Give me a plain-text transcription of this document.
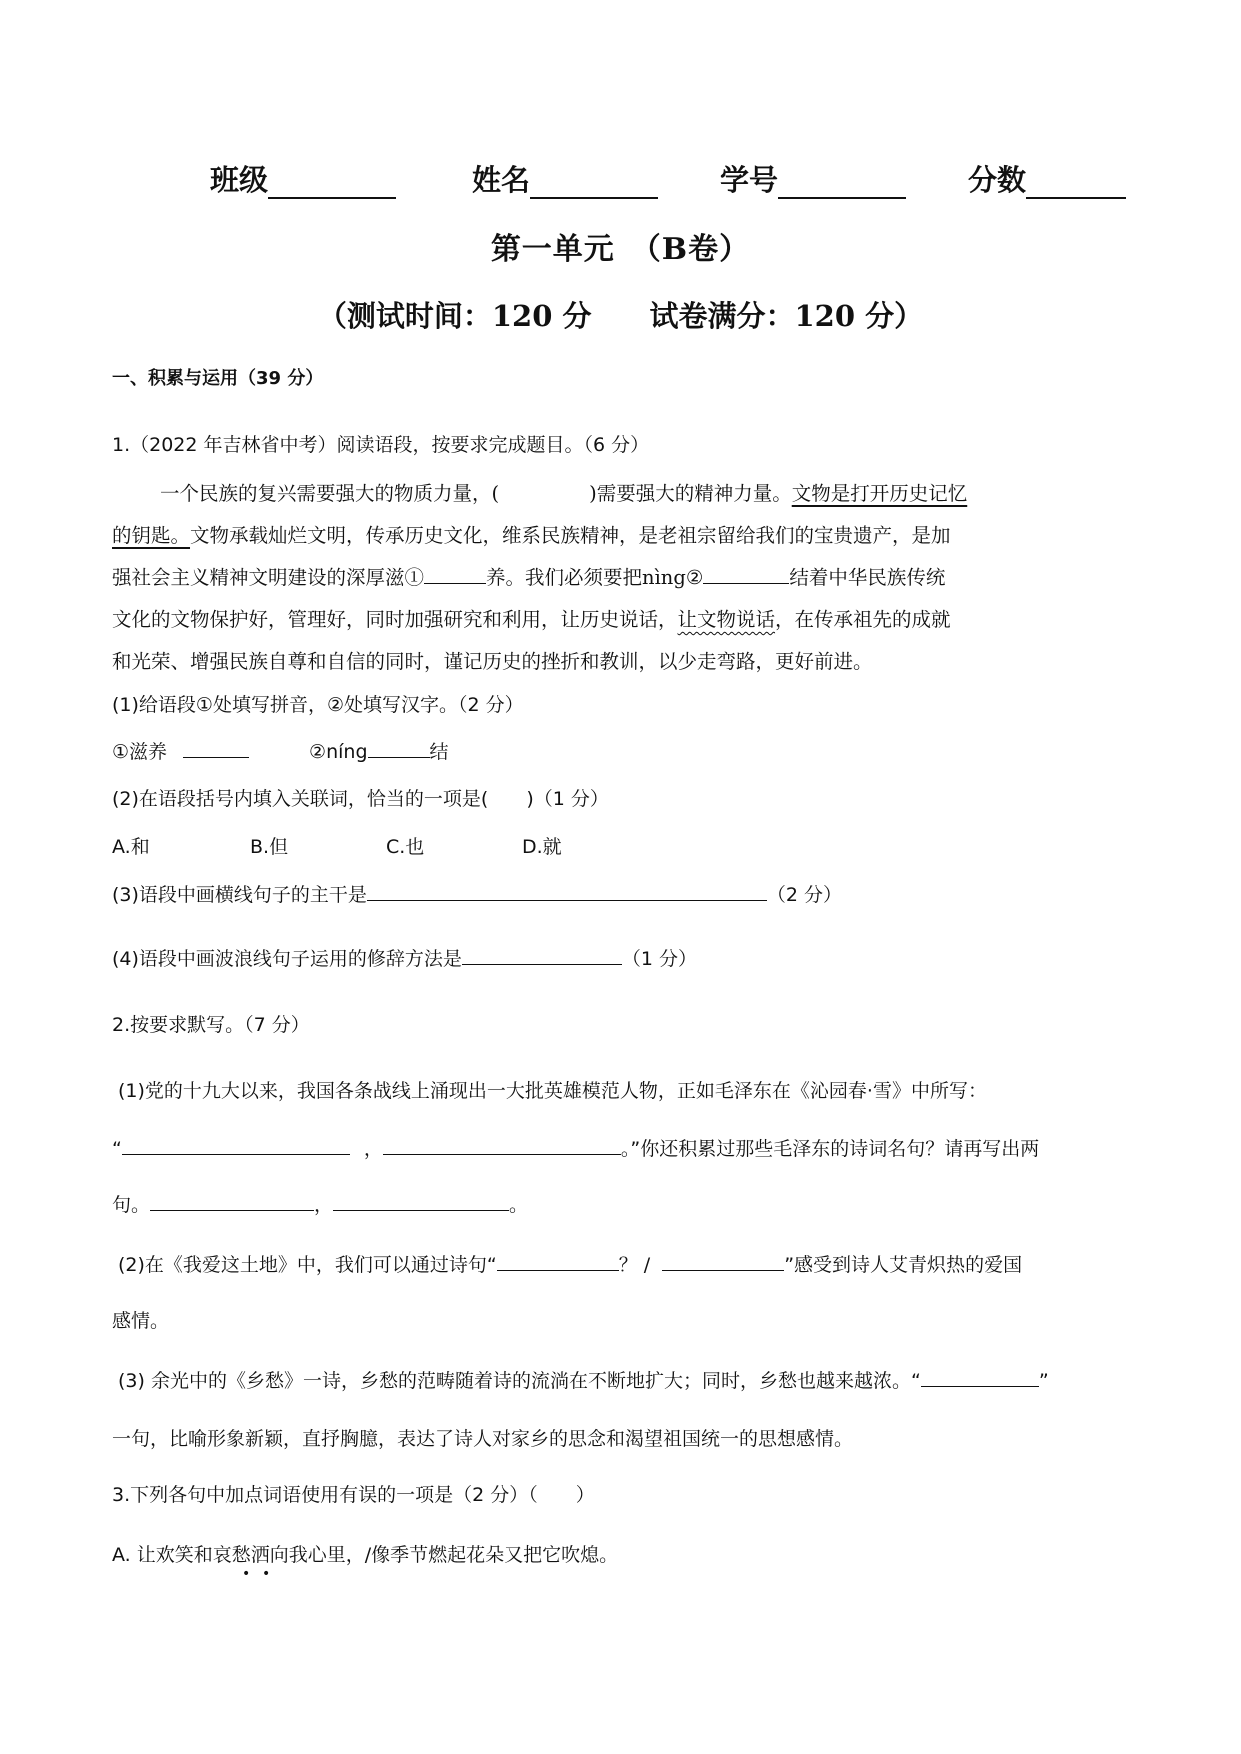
班级	姓名	学号	分数
第一单元　（B卷）
（测试时间：120 分　　试卷满分：120 分）
一、积累与运用（39 分）
1.（2022 年吉林省中考）阅读语段，按要求完成题目。（6 分）
一个民族的复兴需要强大的物质力量，(	)需要强大的精神力量。文物是打开历史记忆
的钥匙。文物承载灿烂文明，传承历史文化，维系民族精神，是老祖宗留给我们的宝贵遗产，是加
强社会主义精神文明建设的深厚滋①	养。我们必须要把nìng②	结着中华民族传统
文化的文物保护好，管理好，同时加强研究和利用，让历史说话，让文物说话，在传承祖先的成就
和光荣、增强民族自尊和自信的同时，谨记历史的挫折和教训，以少走弯路，更好前进。
(1)给语段①处填写拼音，②处填写汉字。（2 分）
①滋养	②níng	结
(2)在语段括号内填入关联词，恰当的一项是(　　)（1 分）
A.和	B.但	C.也	D.就
(3)语段中画横线句子的主干是	（2 分）
(4)语段中画波浪线句子运用的修辞方法是	（1 分）
2.按要求默写。（7 分）
(1)党的十九大以来，我国各条战线上涌现出一大批英雄模范人物，正如毛泽东在《沁园春·雪》中所写：
“	，	。”你还积累过那些毛泽东的诗词名句？请再写出两
句。	，	。
(2)在《我爱这土地》中，我们可以通过诗句“	？ /	”感受到诗人艾青炽热的爱国
感情。
(3) 余光中的《乡愁》一诗，乡愁的范畴随着诗的流淌在不断地扩大；同时，乡愁也越来越浓。“	”
一句，比喻形象新颖，直抒胸臆，表达了诗人对家乡的思念和渴望祖国统一的思想感情。
3.下列各句中加点词语使用有误的一项是（2 分）（　　）
A. 让欢笑和哀愁洒向我心里，/像季节燃起花朵又把它吹熄。
• •
